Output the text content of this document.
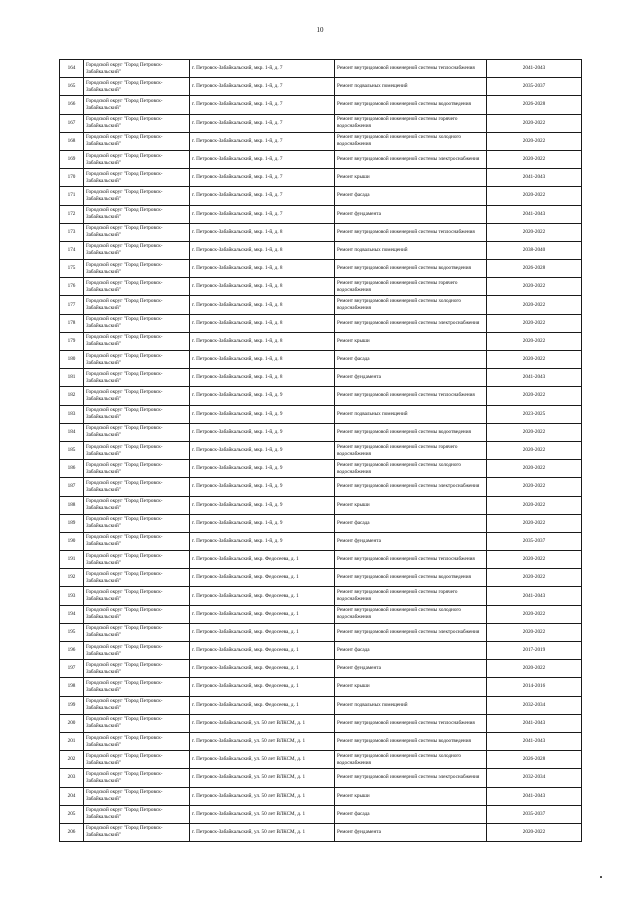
10
164	Городской округ "Город Петровск-Забайкальский"	г. Петровск-Забайкальский, мкр. 1-й, д. 7	Ремонт внутридомовой инженерной системы теплоснабжения	2041-2043
165	Городской округ "Город Петровск-Забайкальский"	г. Петровск-Забайкальский, мкр. 1-й, д. 7	Ремонт подвальных помещений	2035-2037
166	Городской округ "Город Петровск-Забайкальский"	г. Петровск-Забайкальский, мкр. 1-й, д. 7	Ремонт внутридомовой инженерной системы водоотведения	2026-2028
167	Городской округ "Город Петровск-Забайкальский"	г. Петровск-Забайкальский, мкр. 1-й, д. 7	Ремонт внутридомовой инженерной системы горячего водоснабжения	2020-2022
168	Городской округ "Город Петровск-Забайкальский"	г. Петровск-Забайкальский, мкр. 1-й, д. 7	Ремонт внутридомовой инженерной системы холодного водоснабжения	2020-2022
169	Городской округ "Город Петровск-Забайкальский"	г. Петровск-Забайкальский, мкр. 1-й, д. 7	Ремонт внутридомовой инженерной системы электроснабжения	2020-2022
170	Городской округ "Город Петровск-Забайкальский"	г. Петровск-Забайкальский, мкр. 1-й, д. 7	Ремонт крыши	2041-2043
171	Городской округ "Город Петровск-Забайкальский"	г. Петровск-Забайкальский, мкр. 1-й, д. 7	Ремонт фасада	2020-2022
172	Городской округ "Город Петровск-Забайкальский"	г. Петровск-Забайкальский, мкр. 1-й, д. 7	Ремонт фундамента	2041-2043
173	Городской округ "Город Петровск-Забайкальский"	г. Петровск-Забайкальский, мкр. 1-й, д. 8	Ремонт внутридомовой инженерной системы теплоснабжения	2020-2022
174	Городской округ "Город Петровск-Забайкальский"	г. Петровск-Забайкальский, мкр. 1-й, д. 8	Ремонт подвальных помещений	2038-2040
175	Городской округ "Город Петровск-Забайкальский"	г. Петровск-Забайкальский, мкр. 1-й, д. 8	Ремонт внутридомовой инженерной системы водоотведения	2026-2028
176	Городской округ "Город Петровск-Забайкальский"	г. Петровск-Забайкальский, мкр. 1-й, д. 8	Ремонт внутридомовой инженерной системы горячего водоснабжения	2020-2022
177	Городской округ "Город Петровск-Забайкальский"	г. Петровск-Забайкальский, мкр. 1-й, д. 8	Ремонт внутридомовой инженерной системы холодного водоснабжения	2020-2022
178	Городской округ "Город Петровск-Забайкальский"	г. Петровск-Забайкальский, мкр. 1-й, д. 8	Ремонт внутридомовой инженерной системы электроснабжения	2020-2022
179	Городской округ "Город Петровск-Забайкальский"	г. Петровск-Забайкальский, мкр. 1-й, д. 8	Ремонт крыши	2020-2022
180	Городской округ "Город Петровск-Забайкальский"	г. Петровск-Забайкальский, мкр. 1-й, д. 8	Ремонт фасада	2020-2022
181	Городской округ "Город Петровск-Забайкальский"	г. Петровск-Забайкальский, мкр. 1-й, д. 8	Ремонт фундамента	2041-2043
182	Городской округ "Город Петровск-Забайкальский"	г. Петровск-Забайкальский, мкр. 1-й, д. 9	Ремонт внутридомовой инженерной системы теплоснабжения	2020-2022
183	Городской округ "Город Петровск-Забайкальский"	г. Петровск-Забайкальский, мкр. 1-й, д. 9	Ремонт подвальных помещений	2023-2025
184	Городской округ "Город Петровск-Забайкальский"	г. Петровск-Забайкальский, мкр. 1-й, д. 9	Ремонт внутридомовой инженерной системы водоотведения	2020-2022
185	Городской округ "Город Петровск-Забайкальский"	г. Петровск-Забайкальский, мкр. 1-й, д. 9	Ремонт внутридомовой инженерной системы горячего водоснабжения	2020-2022
186	Городской округ "Город Петровск-Забайкальский"	г. Петровск-Забайкальский, мкр. 1-й, д. 9	Ремонт внутридомовой инженерной системы холодного водоснабжения	2020-2022
187	Городской округ "Город Петровск-Забайкальский"	г. Петровск-Забайкальский, мкр. 1-й, д. 9	Ремонт внутридомовой инженерной системы электроснабжения	2020-2022
188	Городской округ "Город Петровск-Забайкальский"	г. Петровск-Забайкальский, мкр. 1-й, д. 9	Ремонт крыши	2020-2022
189	Городской округ "Город Петровск-Забайкальский"	г. Петровск-Забайкальский, мкр. 1-й, д. 9	Ремонт фасада	2020-2022
190	Городской округ "Город Петровск-Забайкальский"	г. Петровск-Забайкальский, мкр. 1-й, д. 9	Ремонт фундамента	2035-2037
191	Городской округ "Город Петровск-Забайкальский"	г. Петровск-Забайкальский, мкр. Федосеева, д. 1	Ремонт внутридомовой инженерной системы теплоснабжения	2020-2022
192	Городской округ "Город Петровск-Забайкальский"	г. Петровск-Забайкальский, мкр. Федосеева, д. 1	Ремонт внутридомовой инженерной системы водоотведения	2020-2022
193	Городской округ "Город Петровск-Забайкальский"	г. Петровск-Забайкальский, мкр. Федосеева, д. 1	Ремонт внутридомовой инженерной системы горячего водоснабжения	2041-2043
194	Городской округ "Город Петровск-Забайкальский"	г. Петровск-Забайкальский, мкр. Федосеева, д. 1	Ремонт внутридомовой инженерной системы холодного водоснабжения	2020-2022
195	Городской округ "Город Петровск-Забайкальский"	г. Петровск-Забайкальский, мкр. Федосеева, д. 1	Ремонт внутридомовой инженерной системы электроснабжения	2020-2022
196	Городской округ "Город Петровск-Забайкальский"	г. Петровск-Забайкальский, мкр. Федосеева, д. 1	Ремонт фасада	2017-2019
197	Городской округ "Город Петровск-Забайкальский"	г. Петровск-Забайкальский, мкр. Федосеева, д. 1	Ремонт фундамента	2020-2022
198	Городской округ "Город Петровск-Забайкальский"	г. Петровск-Забайкальский, мкр. Федосеева, д. 1	Ремонт крыши	2014-2016
199	Городской округ "Город Петровск-Забайкальский"	г. Петровск-Забайкальский, мкр. Федосеева, д. 1	Ремонт подвальных помещений	2032-2034
200	Городской округ "Город Петровск-Забайкальский"	г. Петровск-Забайкальский, ул. 50 лет ВЛКСМ, д. 1	Ремонт внутридомовой инженерной системы теплоснабжения	2041-2043
201	Городской округ "Город Петровск-Забайкальский"	г. Петровск-Забайкальский, ул. 50 лет ВЛКСМ, д. 1	Ремонт внутридомовой инженерной системы водоотведения	2041-2043
202	Городской округ "Город Петровск-Забайкальский"	г. Петровск-Забайкальский, ул. 50 лет ВЛКСМ, д. 1	Ремонт внутридомовой инженерной системы холодного водоснабжения	2026-2028
203	Городской округ "Город Петровск-Забайкальский"	г. Петровск-Забайкальский, ул. 50 лет ВЛКСМ, д. 1	Ремонт внутридомовой инженерной системы электроснабжения	2032-2034
204	Городской округ "Город Петровск-Забайкальский"	г. Петровск-Забайкальский, ул. 50 лет ВЛКСМ, д. 1	Ремонт крыши	2041-2043
205	Городской округ "Город Петровск-Забайкальский"	г. Петровск-Забайкальский, ул. 50 лет ВЛКСМ, д. 1	Ремонт фасада	2035-2037
206	Городской округ "Город Петровск-Забайкальский"	г. Петровск-Забайкальский, ул. 50 лет ВЛКСМ, д. 1	Ремонт фундамента	2020-2022
